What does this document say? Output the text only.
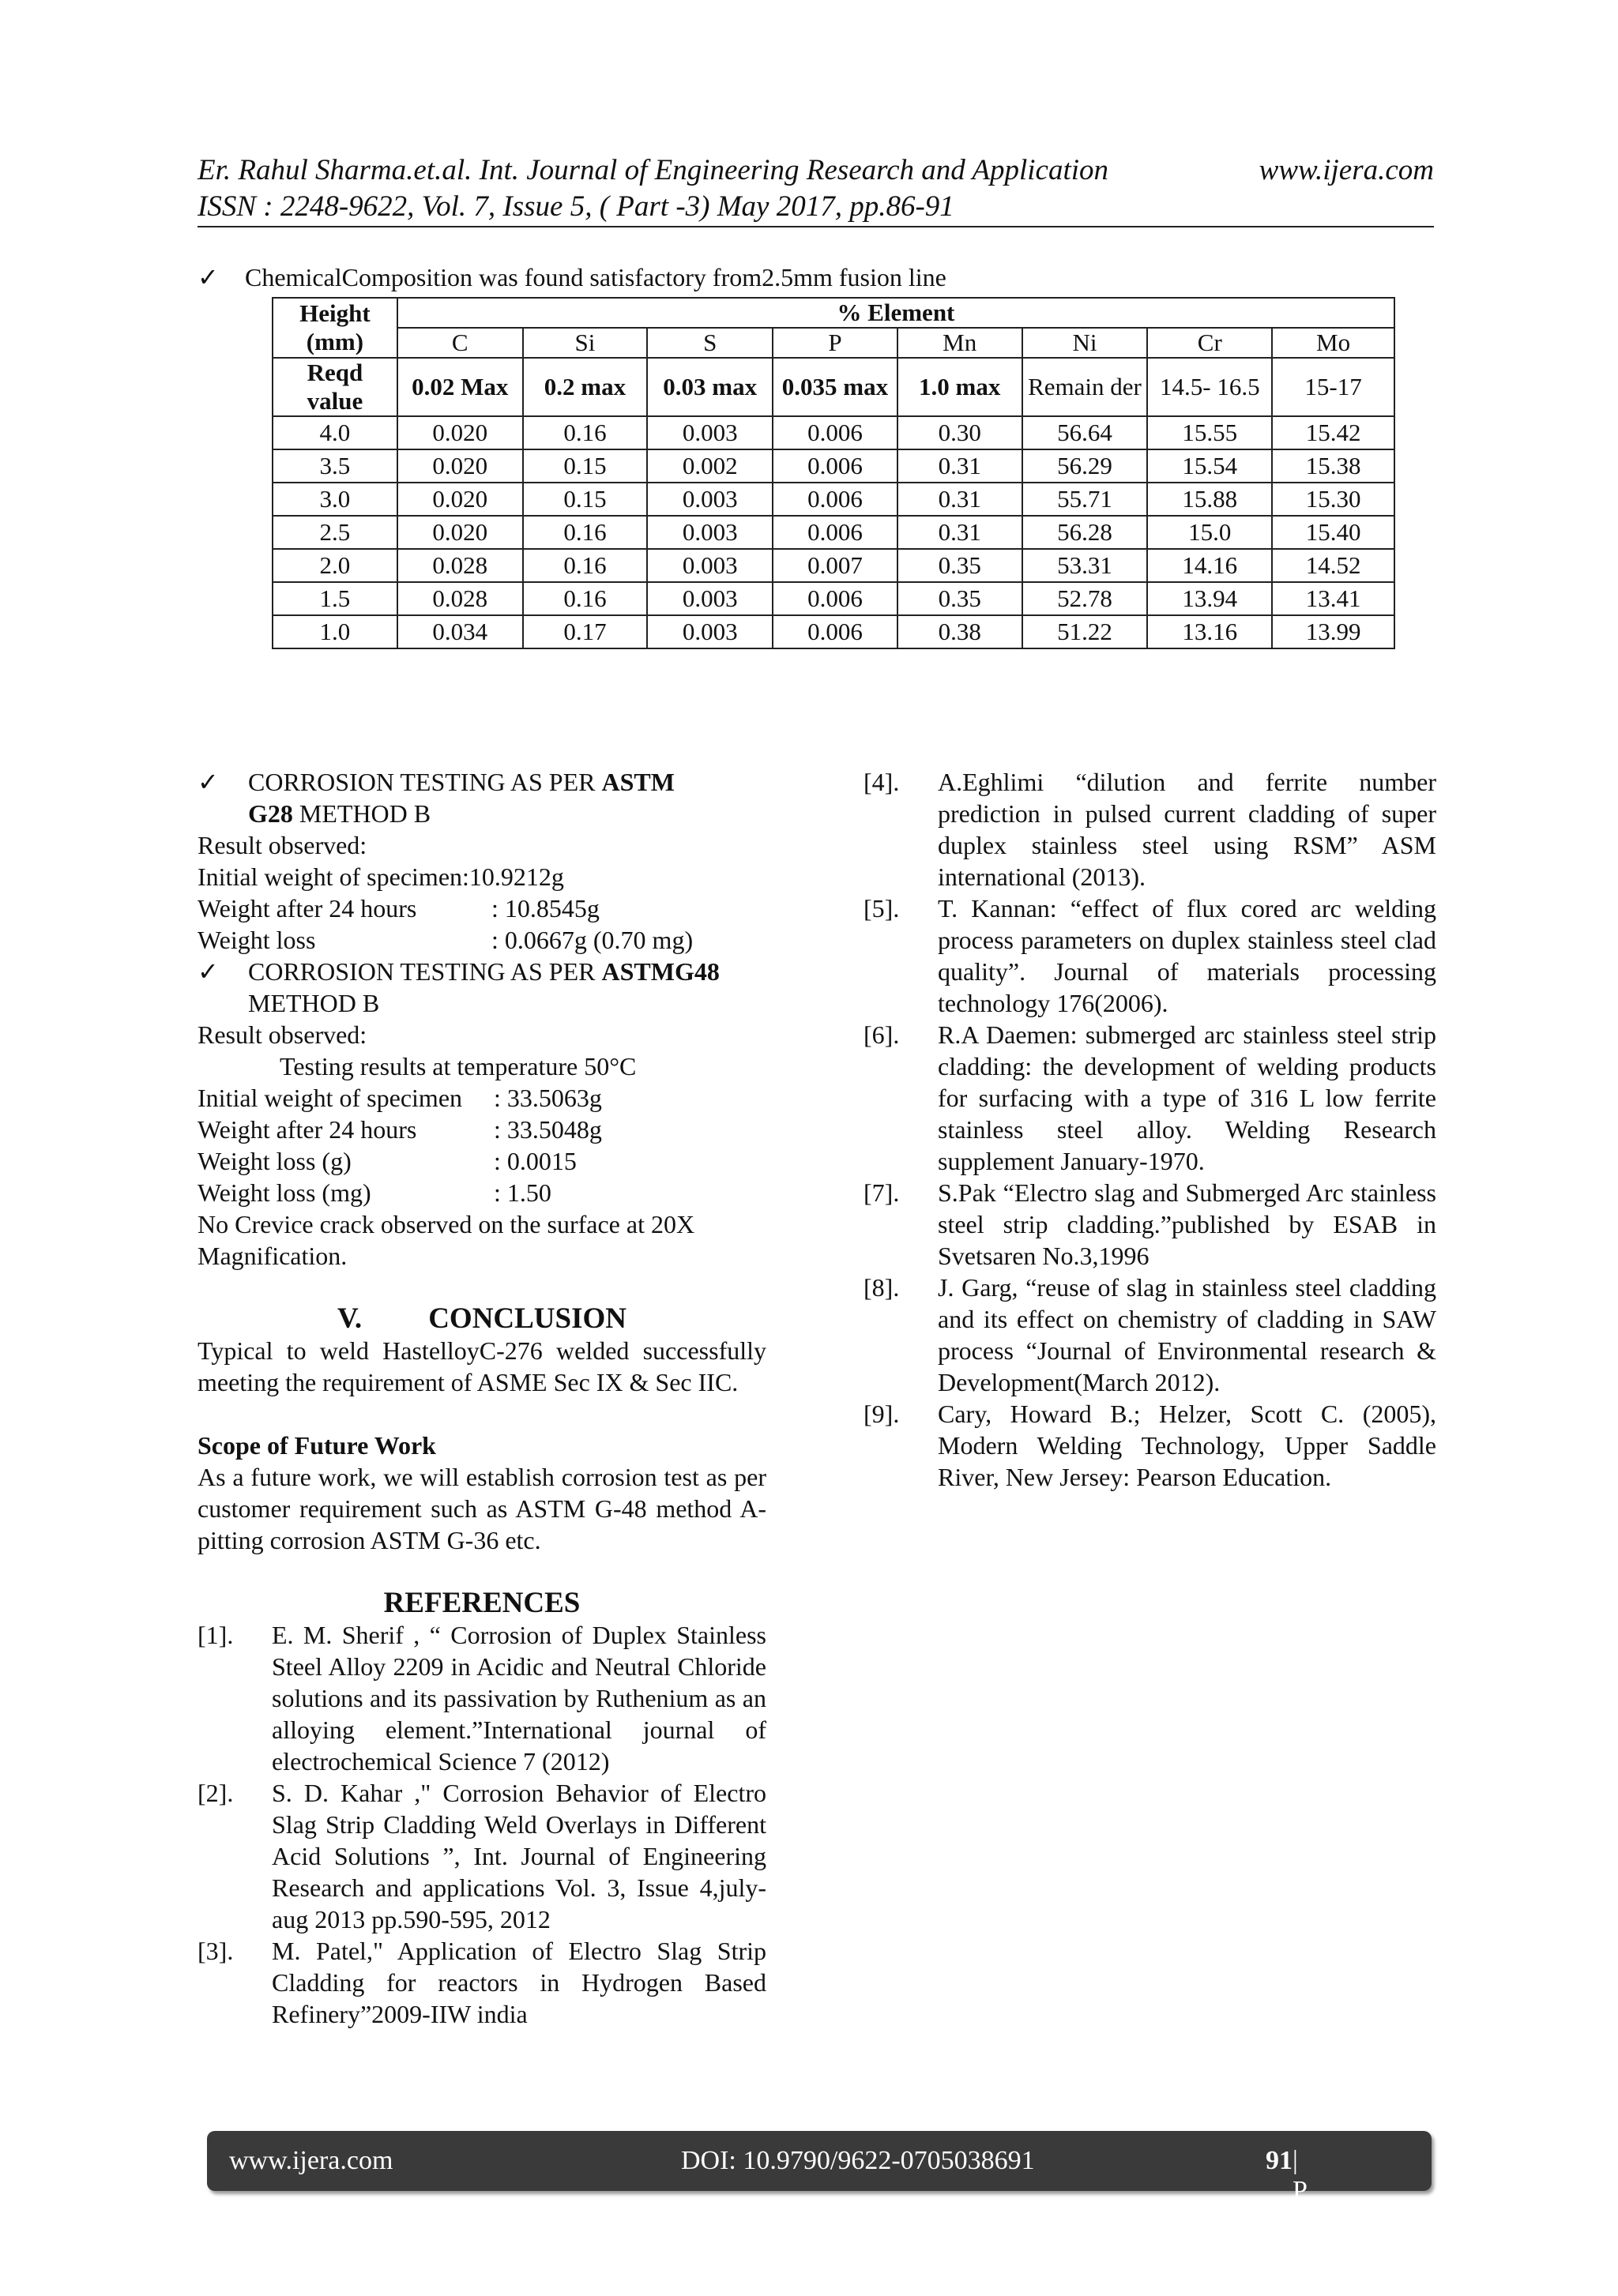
Er. Rahul Sharma.et.al. Int. Journal of Engineering Research and Application	www.ijera.com
ISSN : 2248-9622, Vol. 7, Issue 5, ( Part -3) May 2017, pp.86-91
✓ ChemicalComposition was found satisfactory from2.5mm fusion line
Height (mm)	% Element							
	C	Si	S	P	Mn	Ni	Cr	Mo
Reqd value	0.02 Max	0.2 max	0.03 max	0.035 max	1.0 max	Remain der	14.5- 16.5	15-17
4.0	0.020	0.16	0.003	0.006	0.30	56.64	15.55	15.42
3.5	0.020	0.15	0.002	0.006	0.31	56.29	15.54	15.38
3.0	0.020	0.15	0.003	0.006	0.31	55.71	15.88	15.30
2.5	0.020	0.16	0.003	0.006	0.31	56.28	15.0	15.40
2.0	0.028	0.16	0.003	0.007	0.35	53.31	14.16	14.52
1.5	0.028	0.16	0.003	0.006	0.35	52.78	13.94	13.41
1.0	0.034	0.17	0.003	0.006	0.38	51.22	13.16	13.99
✓	CORROSION TESTING AS PER ASTM
G28 METHOD B
Result observed:
Initial weight of specimen:10.9212g
Weight after 24 hours	: 10.8545g
Weight loss	: 0.0667g (0.70 mg)
✓	CORROSION TESTING AS PER ASTMG48
METHOD B
Result observed:
Testing results at temperature 50°C
Initial weight of specimen : 33.5063g
Weight after 24 hours	: 33.5048g
Weight loss (g)	: 0.0015
Weight loss (mg)	: 1.50
No Crevice crack observed on the surface at 20X Magnification.
V. CONCLUSION
Typical to weld HastelloyC-276 welded successfully meeting the requirement of ASME Sec IX & Sec IIC.
Scope of Future Work
As a future work, we will establish corrosion test as per customer requirement such as ASTM G-48 method A-pitting corrosion ASTM G-36 etc.
REFERENCES
[1].	E. M. Sherif , “ Corrosion of Duplex Stainless Steel Alloy 2209 in Acidic and Neutral Chloride solutions and its passivation by Ruthenium as an alloying element.”International journal of electrochemical Science 7 (2012)
[2].	S. D. Kahar ," Corrosion Behavior of Electro Slag Strip Cladding Weld Overlays in Different Acid Solutions ”, Int. Journal of Engineering Research and applications Vol. 3, Issue 4,july-aug 2013 pp.590-595, 2012
[3].	M. Patel," Application of Electro Slag Strip Cladding for reactors in Hydrogen Based Refinery”2009-IIW india
[4].	A.Eghlimi “dilution and ferrite number prediction in pulsed current cladding of super duplex stainless steel using RSM” ASM international (2013).
[5].	T. Kannan: “effect of flux cored arc welding process parameters on duplex stainless steel clad quality”. Journal of materials processing technology 176(2006).
[6].	R.A Daemen: submerged arc stainless steel strip cladding: the development of welding products for surfacing with a type of 316 L low ferrite stainless steel alloy. Welding Research supplement January-1970.
[7].	S.Pak “Electro slag and Submerged Arc stainless steel strip cladding.”published by ESAB in Svetsaren No.3,1996
[8].	J. Garg, “reuse of slag in stainless steel cladding and its effect on chemistry of cladding in SAW process “Journal of Environmental research & Development(March 2012).
[9].	Cary, Howard B.; Helzer, Scott C. (2005), Modern Welding Technology, Upper Saddle River, New Jersey: Pearson Education.
www.ijera.com	DOI: 10.9790/9622-0705038691	91 | P a g e
